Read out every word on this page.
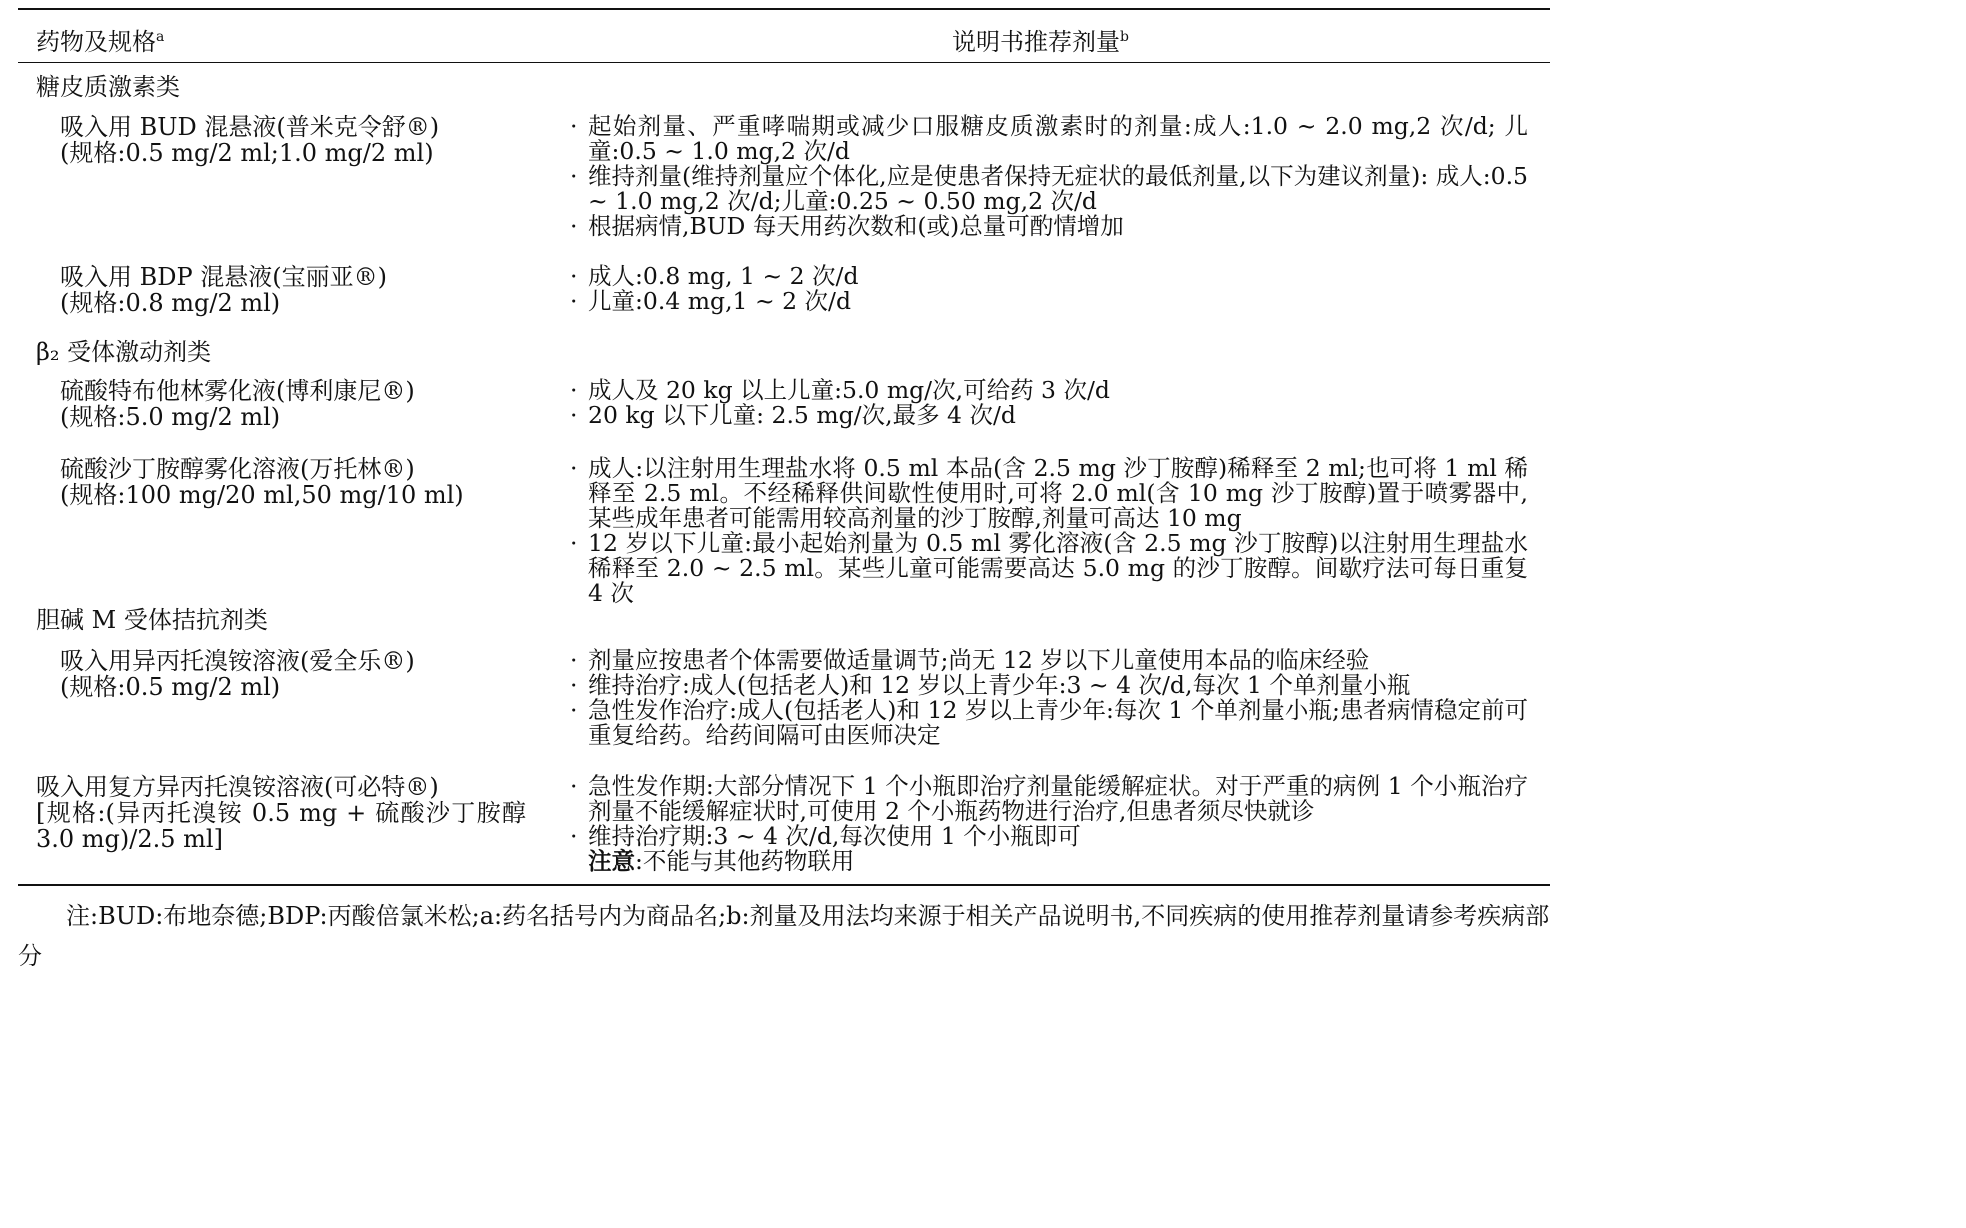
药物及规格$^a$	说明书推荐剂量$^b$
糖皮质激素类
吸入用 BUD 混悬液(普米克令舒®)
(规格:0.5 mg/2 ml;1.0 mg/2 ml)
· 起始剂量、严重哮喘期或减少口服糖皮质激素时的剂量:成人:1.0 ~ 2.0 mg,2 次/d; 儿童:0.5 ~ 1.0 mg,2 次/d
· 维持剂量(维持剂量应个体化,应是使患者保持无症状的最低剂量,以下为建议剂量): 成人:0.5 ~ 1.0 mg,2 次/d;儿童:0.25 ~ 0.50 mg,2 次/d
· 根据病情,BUD 每天用药次数和(或)总量可酌情增加
吸入用 BDP 混悬液(宝丽亚®)
(规格:0.8 mg/2 ml)
· 成人:0.8 mg, 1 ~ 2 次/d
· 儿童:0.4 mg,1 ~ 2 次/d
β₂ 受体激动剂类
硫酸特布他林雾化液(博利康尼®)
(规格:5.0 mg/2 ml)
· 成人及 20 kg 以上儿童:5.0 mg/次,可给药 3 次/d
· 20 kg 以下儿童: 2.5 mg/次,最多 4 次/d
硫酸沙丁胺醇雾化溶液(万托林®)
(规格:100 mg/20 ml,50 mg/10 ml)
· 成人:以注射用生理盐水将 0.5 ml 本品(含 2.5 mg 沙丁胺醇)稀释至 2 ml;也可将 1 ml 稀释至 2.5 ml。不经稀释供间歇性使用时,可将 2.0 ml(含 10 mg 沙丁胺醇)置于喷雾器中,某些成年患者可能需用较高剂量的沙丁胺醇,剂量可高达 10 mg
· 12 岁以下儿童:最小起始剂量为 0.5 ml 雾化溶液(含 2.5 mg 沙丁胺醇)以注射用生理盐水稀释至 2.0 ~ 2.5 ml。某些儿童可能需要高达 5.0 mg 的沙丁胺醇。间歇疗法可每日重复 4 次
胆碱 M 受体拮抗剂类
吸入用异丙托溴铵溶液(爱全乐®)
(规格:0.5 mg/2 ml)
· 剂量应按患者个体需要做适量调节;尚无 12 岁以下儿童使用本品的临床经验
· 维持治疗:成人(包括老人)和 12 岁以上青少年:3 ~ 4 次/d,每次 1 个单剂量小瓶
· 急性发作治疗:成人(包括老人)和 12 岁以上青少年:每次 1 个单剂量小瓶;患者病情稳定前可重复给药。给药间隔可由医师决定
吸入用复方异丙托溴铵溶液(可必特®)
[规格:(异丙托溴铵 0.5 mg + 硫酸沙丁胺醇 3.0 mg)/2.5 ml]
· 急性发作期:大部分情况下 1 个小瓶即治疗剂量能缓解症状。对于严重的病例 1 个小瓶治疗剂量不能缓解症状时,可使用 2 个小瓶药物进行治疗,但患者须尽快就诊
· 维持治疗期:3 ~ 4 次/d,每次使用 1 个小瓶即可
注意:不能与其他药物联用
注:BUD:布地奈德;BDP:丙酸倍氯米松;a:药名括号内为商品名;b:剂量及用法均来源于相关产品说明书,不同疾病的使用推荐剂量请参考疾病部分
